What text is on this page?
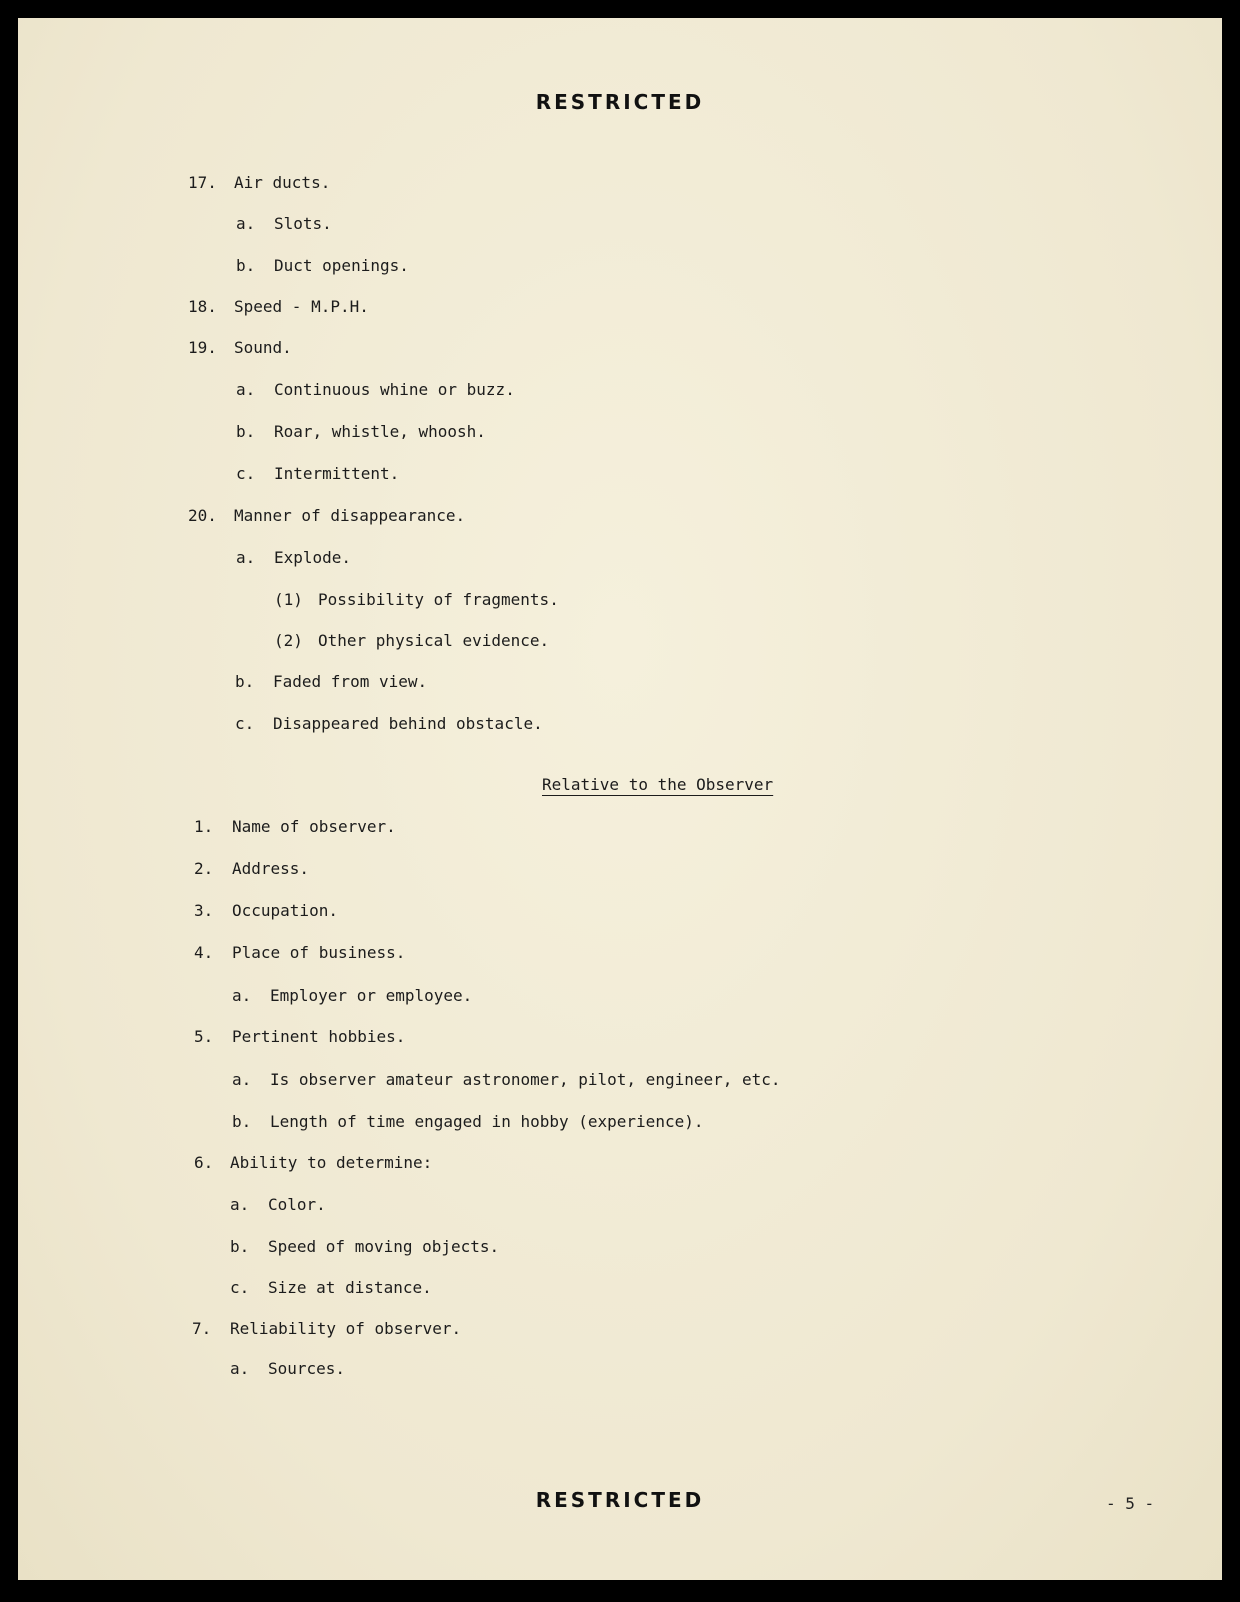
RESTRICTED
17. Air ducts.
a. Slots.
b. Duct openings.
18. Speed - M.P.H.
19. Sound.
a. Continuous whine or buzz.
b. Roar, whistle, whoosh.
c. Intermittent.
20. Manner of disappearance.
a. Explode.
(1) Possibility of fragments.
(2) Other physical evidence.
b. Faded from view.
c. Disappeared behind obstacle.
Relative to the Observer
1. Name of observer.
2. Address.
3. Occupation.
4. Place of business.
a. Employer or employee.
5. Pertinent hobbies.
a. Is observer amateur astronomer, pilot, engineer, etc.
b. Length of time engaged in hobby (experience).
6. Ability to determine:
a. Color.
b. Speed of moving objects.
c. Size at distance.
7. Reliability of observer.
a. Sources.
RESTRICTED	- 5 -
